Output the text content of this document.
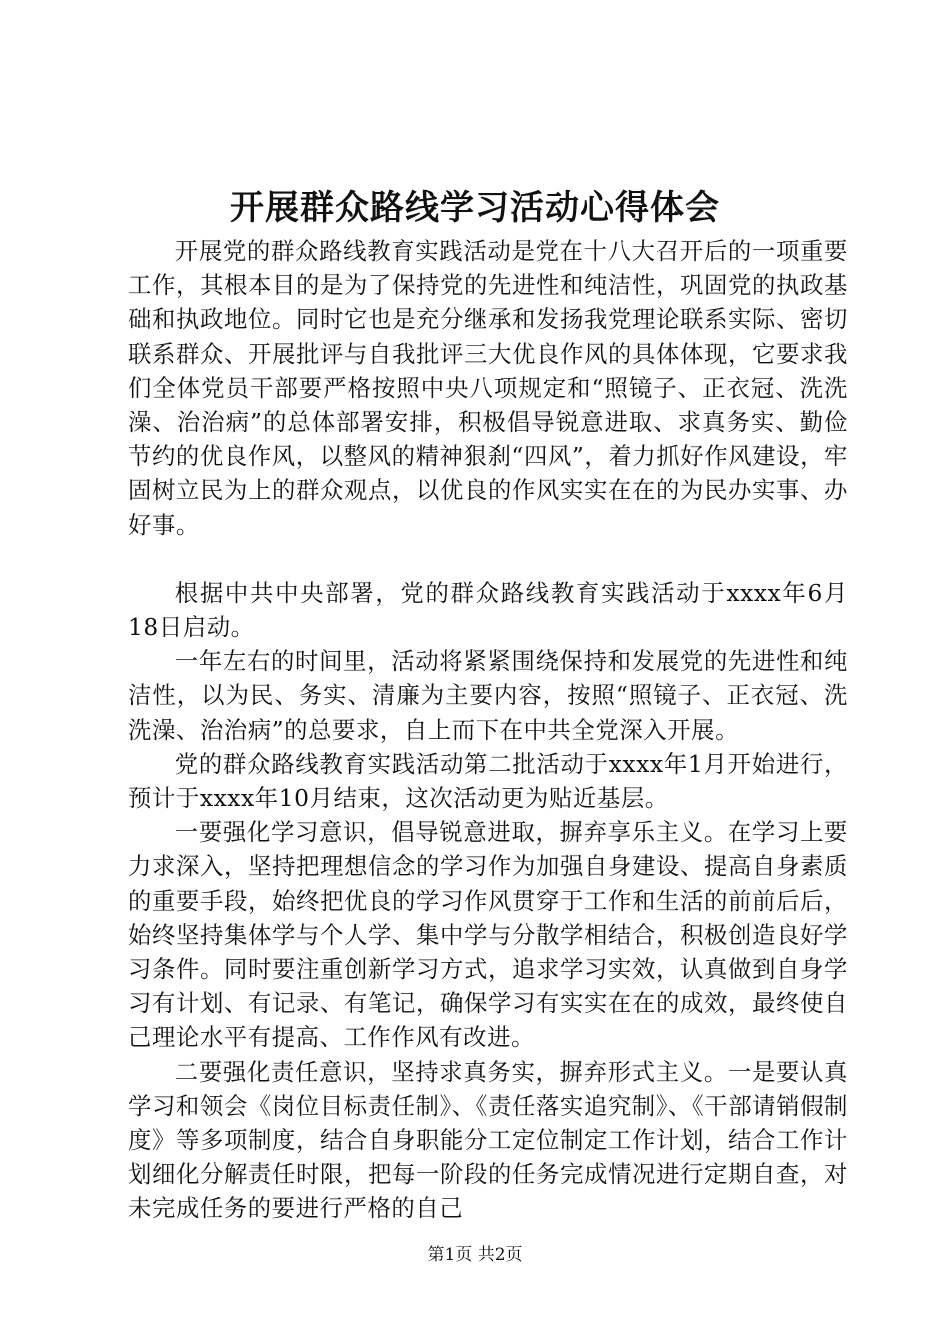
开展群众路线学习活动心得体会

开展党的群众路线教育实践活动是党在十八大召开后的一项重要工作，其根本目的是为了保持党的先进性和纯洁性，巩固党的执政基础和执政地位。同时它也是充分继承和发扬我党理论联系实际、密切联系群众、开展批评与自我批评三大优良作风的具体体现，它要求我们全体党员干部要严格按照中央八项规定和“照镜子、正衣冠、洗洗澡、治治病”的总体部署安排，积极倡导锐意进取、求真务实、勤俭节约的优良作风，以整风的精神狠刹“四风”，着力抓好作风建设，牢固树立民为上的群众观点，以优良的作风实实在在的为民办实事、办好事。

根据中共中央部署，党的群众路线教育实践活动于xxxx年6月18日启动。

一年左右的时间里，活动将紧紧围绕保持和发展党的先进性和纯洁性，以为民、务实、清廉为主要内容，按照“照镜子、正衣冠、洗洗澡、治治病”的总要求，自上而下在中共全党深入开展。

党的群众路线教育实践活动第二批活动于xxxx年1月开始进行，预计于xxxx年10月结束，这次活动更为贴近基层。

一要强化学习意识，倡导锐意进取，摒弃享乐主义。在学习上要力求深入，坚持把理想信念的学习作为加强自身建设、提高自身素质的重要手段，始终把优良的学习作风贯穿于工作和生活的前前后后，始终坚持集体学与个人学、集中学与分散学相结合，积极创造良好学习条件。同时要注重创新学习方式，追求学习实效，认真做到自身学习有计划、有记录、有笔记，确保学习有实实在在的成效，最终使自己理论水平有提高、工作作风有改进。

二要强化责任意识，坚持求真务实，摒弃形式主义。一是要认真学习和领会《岗位目标责任制》、《责任落实追究制》、《干部请销假制度》等多项制度，结合自身职能分工定位制定工作计划，结合工作计划细化分解责任时限，把每一阶段的任务完成情况进行定期自查，对未完成任务的要进行严格的自己

第1页 共2页
